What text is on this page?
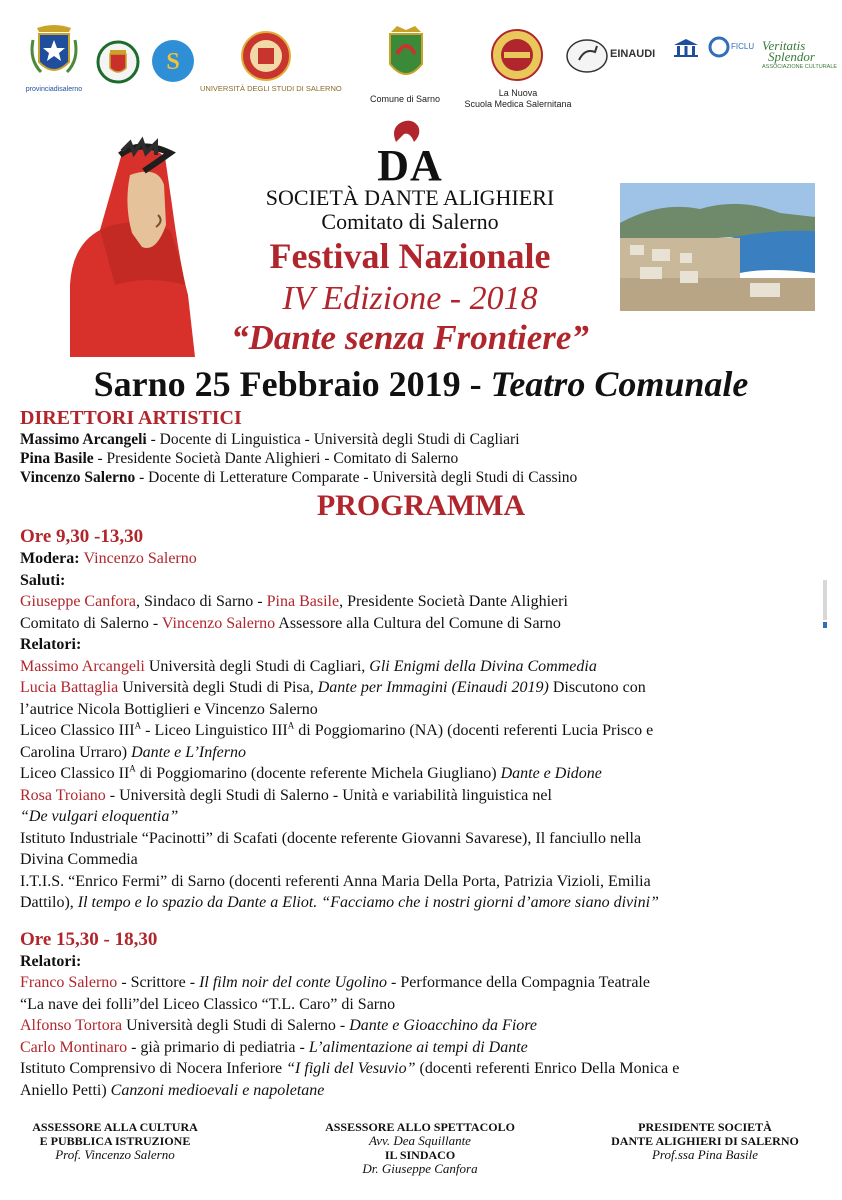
provinciadisalerno
S
UNIVERSITÀ DEGLI STUDI DI SALERNO
Comune di Sarno
La Nuova
Scuola Medica Salernitana
EINAUDI
FICLU Veritatis
Splendor
ASSOCIAZIONE CULTURALE
DA
SOCIETÀ DANTE ALIGHIERI
Comitato di Salerno
Festival Nazionale
IV Edizione - 2018
“Dante senza Frontiere”
Sarno 25 Febbraio 2019 - Teatro Comunale
DIRETTORI ARTISTICI
Massimo Arcangeli - Docente di Linguistica - Università degli Studi di Cagliari
Pina Basile - Presidente Società Dante Alighieri - Comitato di Salerno
Vincenzo Salerno - Docente di Letterature Comparate - Università degli Studi di Cassino
PROGRAMMA
Ore 9,30 -13,30
Modera: Vincenzo Salerno
Saluti:
Giuseppe Canfora, Sindaco di Sarno - Pina Basile, Presidente Società Dante Alighieri
Comitato di Salerno - Vincenzo Salerno Assessore alla Cultura del Comune di Sarno
Relatori:
Massimo Arcangeli Università degli Studi di Cagliari, Gli Enigmi della Divina Commedia
Lucia Battaglia Università degli Studi di Pisa, Dante per Immagini (Einaudi 2019) Discutono con
l’autrice Nicola Bottiglieri e Vincenzo Salerno
Liceo Classico $III^A$ - Liceo Linguistico $III^A$ di Poggiomarino (NA) (docenti referenti Lucia Prisco e
Carolina Urraro) Dante e L’Inferno
Liceo Classico $II^A$ di Poggiomarino (docente referente Michela Giugliano) Dante e Didone
Rosa Troiano - Università degli Studi di Salerno - Unità e variabilità linguistica nel
“De vulgari eloquentia”
Istituto Industriale “Pacinotti” di Scafati (docente referente Giovanni Savarese), Il fanciullo nella
Divina Commedia
I.T.I.S. “Enrico Fermi” di Sarno (docenti referenti Anna Maria Della Porta, Patrizia Vizioli, Emilia
Dattilo), Il tempo e lo spazio da Dante a Eliot. “Facciamo che i nostri giorni d’amore siano divini”
Ore 15,30 - 18,30
Relatori:
Franco Salerno - Scrittore - Il film noir del conte Ugolino - Performance della Compagnia Teatrale
“La nave dei folli”del Liceo Classico “T.L. Caro” di Sarno
Alfonso Tortora Università degli Studi di Salerno - Dante e Gioacchino da Fiore
Carlo Montinaro - già primario di pediatria - L’alimentazione ai tempi di Dante
Istituto Comprensivo di Nocera Inferiore “I figli del Vesuvio” (docenti referenti Enrico Della Monica e
Aniello Petti) Canzoni medioevali e napoletane
ASSESSORE ALLA CULTURA
E PUBBLICA ISTRUZIONE
Prof. Vincenzo Salerno
ASSESSORE ALLO SPETTACOLO
Avv. Dea Squillante
IL SINDACO
Dr. Giuseppe Canfora
PRESIDENTE SOCIETÀ
DANTE ALIGHIERI DI SALERNO
Prof.ssa Pina Basile
